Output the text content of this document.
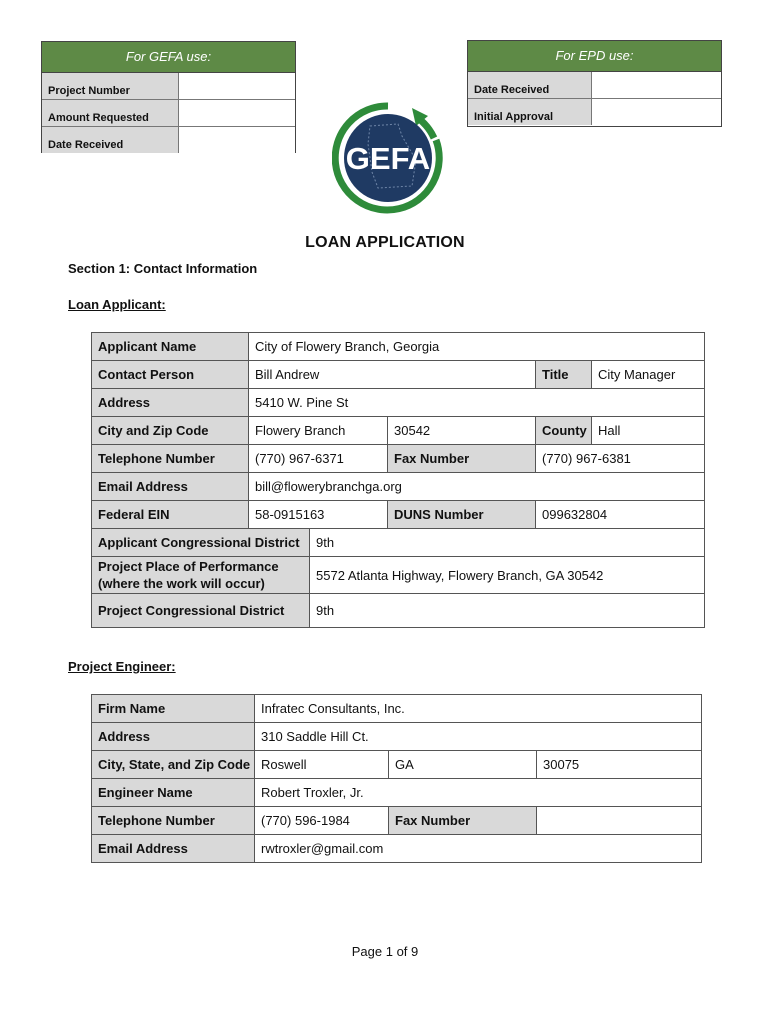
For GEFA use:
Project Number
Amount Requested
Date Received
For EPD use:
Date Received
Initial Approval
GEFA
LOAN APPLICATION
Section 1: Contact Information
Loan Applicant:
Applicant Name	City of Flowery Branch, Georgia				
Contact Person	Bill Andrew			Title	City Manager
Address	5410 W. Pine St				
City and Zip Code	Flowery Branch		30542	County	Hall
Telephone Number	(770) 967-6371		Fax Number	(770) 967-6381	
Email Address	bill@flowerybranchga.org				
Federal EIN	58-0915163		DUNS Number	099632804	
Applicant Congressional District		9th			

Project Place of Performance
(where the work will occur)		5572 Atlanta Highway, Flowery Branch, GA 30542			
Project Congressional District		9th			
Project Engineer:
Firm Name	Infratec Consultants, Inc.		
Address	310 Saddle Hill Ct.		
City, State, and Zip Code	Roswell	GA	30075
Engineer Name	Robert Troxler, Jr.		
Telephone Number	(770) 596-1984	Fax Number	
Email Address	rwtroxler@gmail.com		
Page 1 of 9
